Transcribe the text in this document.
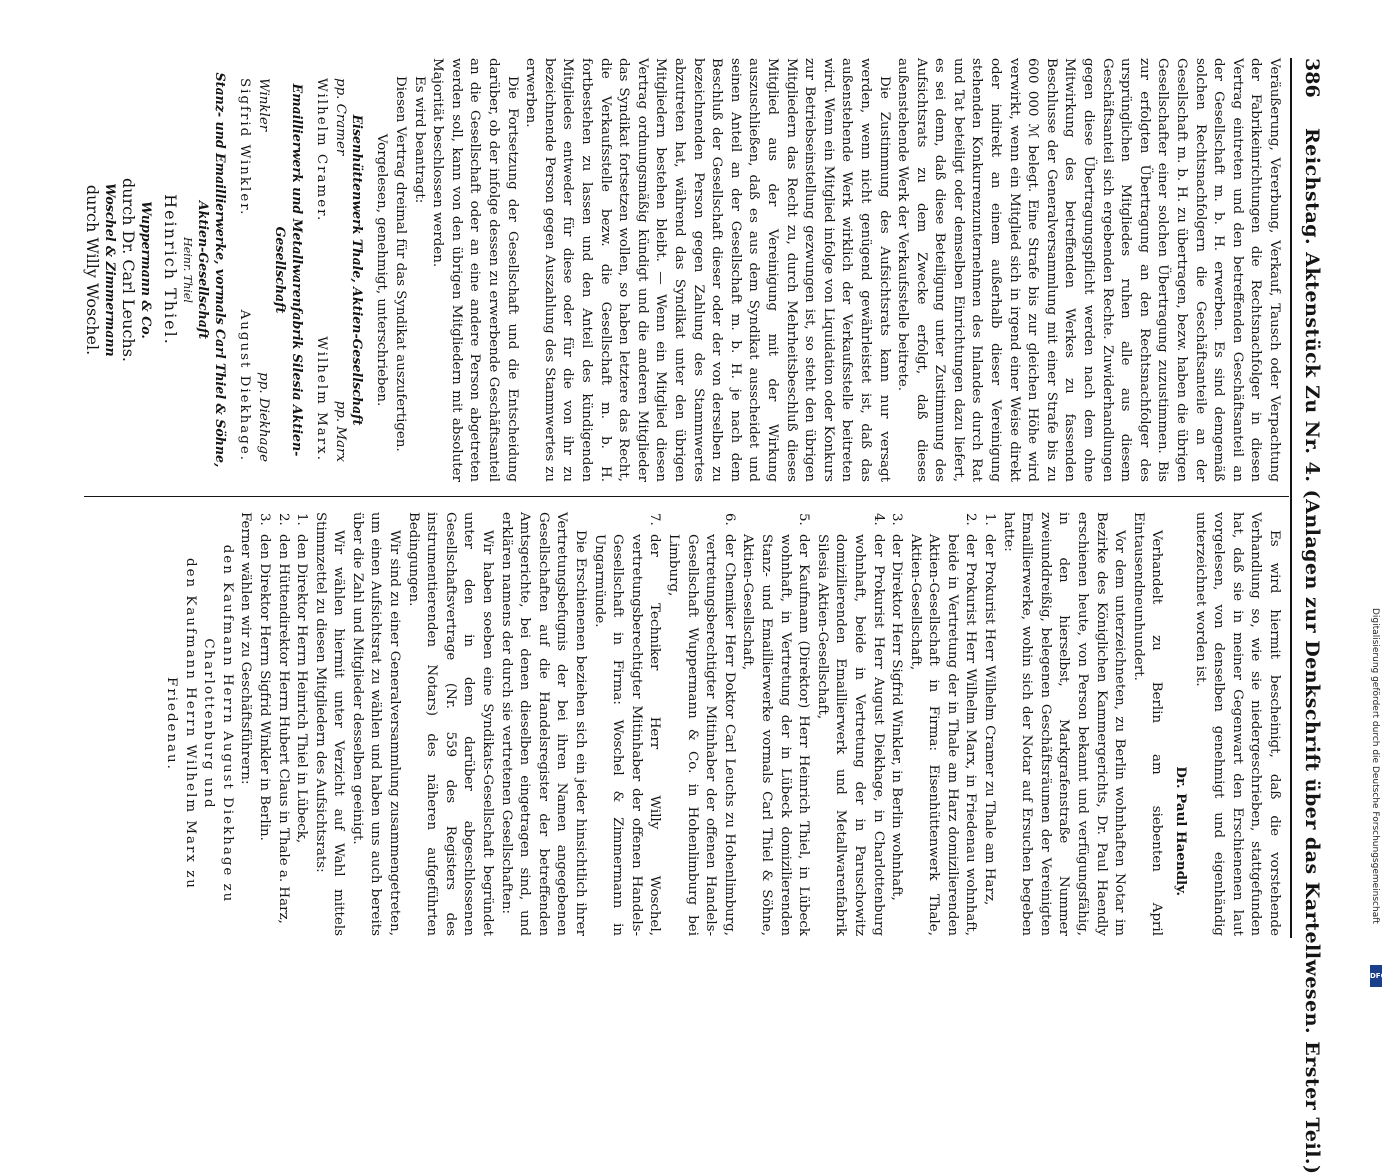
386
Reichstag. Aktenstück Zu Nr. 4. (Anlagen zur Denkschrift über das Kartellwesen. Erster Teil.)

Veräußerung, Vererbung, Verkauf, Tausch oder Verpachtung der Fabrikeinrichtungen die Rechtsnachfolger in diesen Vertrag eintreten und den betreffenden Geschäftsanteil an der Gesellschaft m. b. H. erwerben. Es sind demgemäß solchen Rechtsnachfolgern die Geschäftsanteile an der Gesellschaft m. b. H. zu übertragen, bezw. haben die übrigen Gesellschafter einer solchen Übertragung zuzustimmen. Bis zur erfolgten Übertragung an den Rechtsnachfolger des ursprünglichen Mitgliedes ruhen alle aus diesem Geschäftsanteil sich ergebenden Rechte. Zuwiderhandlungen gegen diese Übertragungspflicht werden nach dem ohne Mitwirkung des betreffenden Werkes zu fassenden Beschlusse der Generalversammlung mit einer Strafe bis zu 600 000 ℳ belegt. Eine Strafe bis zur gleichen Höhe wird verwirkt, wenn ein Mitglied sich in irgend einer Weise direkt oder indirekt an einem außerhalb dieser Vereinigung stehenden Konkurrenzunternehmen des Inlandes durch Rat und Tat beteiligt oder demselben Einrichtungen dazu liefert, es sei denn, daß diese Beteiligung unter Zustimmung des Aufsichtsrats zu dem Zwecke erfolgt, daß dieses außenstehende Werk der Verkaufsstelle beitrete.

Die Zustimmung des Aufsichtsrats kann nur versagt werden, wenn nicht genügend gewährleistet ist, daß das außenstehende Werk wirklich der Verkaufsstelle beitreten wird. Wenn ein Mitglied infolge von Liquidation oder Konkurs zur Betriebseinstellung gezwungen ist, so steht den übrigen Mitgliedern das Recht zu, durch Mehrheitsbeschluß dieses Mitglied aus der Vereinigung mit der Wirkung auszuschließen, daß es aus dem Syndikat ausscheidet und seinen Anteil an der Gesellschaft m. b. H. je nach dem Beschluß der Gesellschaft dieser oder der von derselben zu bezeichnenden Person gegen Zahlung des Stammwertes abzutreten hat, während das Syndikat unter den übrigen Mitgliedern bestehen bleibt. — Wenn ein Mitglied diesen Vertrag ordnungsmäßig kündigt und die anderen Mitglieder das Syndikat fortsetzen wollen, so haben letztere das Recht, die Verkaufsstelle bezw. die Gesellschaft m. b. H. fortbestehen zu lassen und den Anteil des kündigenden Mitgliedes entweder für diese oder für die von ihr zu bezeichnende Person gegen Auszahlung des Stammwertes zu erwerben.

Die Fortsetzung der Gesellschaft und die Entscheidung darüber, ob der infolge dessen zu erwerbende Geschäftsanteil an die Gesellschaft oder an eine andere Person abgetreten werden soll, kann von den übrigen Mitgliedern mit absoluter Majorität beschlossen werden.

Es wird beantragt:

Diesen Vertrag dreimal für das Syndikat auszufertigen.

Vorgelesen, genehmigt, unterschrieben.

Eisenhüttenwerk Thale, Aktien-Gesellschaft
pp. Cramer
pp. Marx
Wilhelm Cramer.
Wilhelm Marx.
Emaillierwerk und Metallwarenfabrik Silesia Aktien-Gesellschaft
Winkler
pp. Diekhage
Sigfrid Winkler.
August Diekhage.
Stanz- und Emaillierwerke, vormals Carl Thiel & Söhne, Aktien-Gesellschaft
Heinr. Thiel
Heinrich Thiel.
Wuppermann & Co.
durch Dr. Carl Leuchs.
Woschel & Zimmermann
durch Willy Woschel.

Es wird hiermit bescheinigt, daß die vorstehende Verhandlung so, wie sie niedergeschrieben, stattgefunden hat, daß sie in meiner Gegenwart den Erschienenen laut vorgelesen, von denselben genehmigt und eigenhändig unterzeichnet worden ist.

Dr. Paul Haendly.

Verhandelt zu Berlin am siebenten April Eintausendneunhundert.

Vor dem unterzeichneten, zu Berlin wohnhaften Notar im Bezirke des Königlichen Kammergerichts, Dr. Paul Haendly erschienen heute, von Person bekannt und verfügungsfähig, in den hierselbst, Markgrafenstraße Nummer zweiunddreißig, belegenen Geschäftsräumen der Vereinigten Emaillierwerke, wohin sich der Notar auf Ersuchen begeben hatte:

1. der Prokurist Herr Wilhelm Cramer zu Thale am Harz,
2. der Prokurist Herr Wilhelm Marx, in Friedenau wohnhaft, beide in Vertretung der in Thale am Harz domizilierenden Aktien-Gesellschaft in Firma: Eisenhüttenwerk Thale, Aktien-Gesellschaft,
3. der Direktor Herr Sigfrid Winkler, in Berlin wohnhaft,
4. der Prokurist Herr August Diekhage, in Charlottenburg wohnhaft, beide in Vertretung der in Paruschowitz domizilierenden Emaillierwerk und Metallwarenfabrik Silesia Aktien-Gesellschaft,
5. der Kaufmann (Direktor) Herr Heinrich Thiel, in Lübeck wohnhaft, in Vertretung der in Lübeck domizilierenden Stanz- und Emaillierwerke vormals Carl Thiel & Söhne, Aktien-Gesellschaft,
6. der Chemiker Herr Doktor Carl Leuchs zu Hohenlimburg, vertretungsberechtigter Mitinhaber der offenen Handels-Gesellschaft Wuppermann & Co. in Hohenlimburg bei Limburg,
7. der Techniker Herr Willy Woschel, vertretungsberechtigter Mitinhaber der offenen Handels-Gesellschaft in Firma: Woschel & Zimmermann in Ungarmünde.

Die Erschienenen beziehen sich ein jeder hinsichtlich ihrer Vertretungsbefugnis der bei ihren Namen angegebenen Gesellschaften auf die Handelsregister der betreffenden Amtsgerichte, bei denen dieselben eingetragen sind, und erklären namens der durch sie vertretenen Gesellschaften:

Wir haben soeben eine Syndikats-Gesellschaft begründet unter den in dem darüber abgeschlossenen Gesellschaftsvertrage (Nr. 559 des Registers des instrumentierenden Notars) des näheren aufgeführten Bedingungen.

Wir sind zu einer Generalversammlung zusammengetreten, um einen Aufsichtsrat zu wählen und haben uns auch bereits über die Zahl und Mitglieder desselben geeinigt.

Wir wählen hiermit unter Verzicht auf Wahl mittels Stimmzettel zu diesen Mitgliedern des Aufsichtsrats:

1. den Direktor Herrn Heinrich Thiel in Lübeck,
2. den Hüttendirektor Herrn Hubert Claus in Thale a. Harz,
3. den Direktor Herrn Sigfrid Winkler in Berlin.

Ferner wählen wir zu Geschäftsführern:

den Kaufmann Herrn August Diekhage zu Charlottenburg und

den Kaufmann Herrn Wilhelm Marx zu Friedenau.	Digitalisierung gefördert durch die Deutsche Forschungsgemeinschaft
DFG
